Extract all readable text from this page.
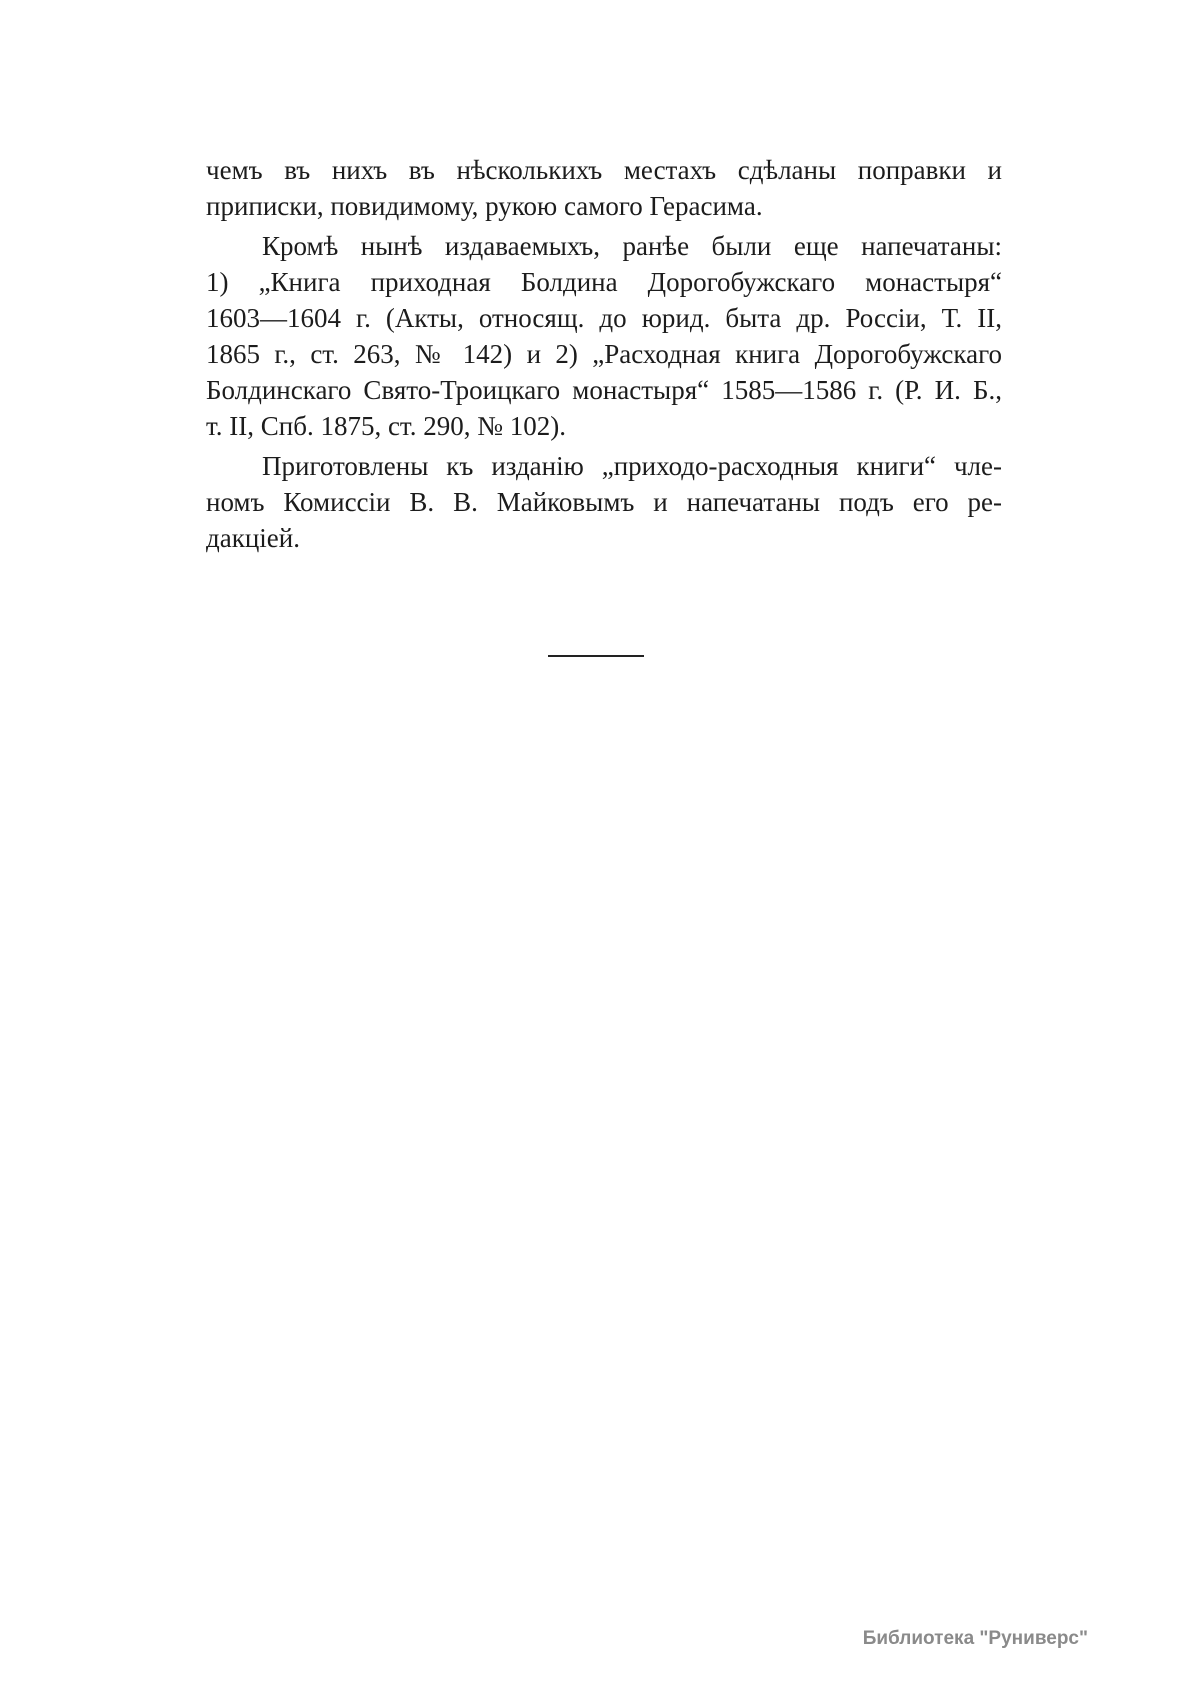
чемъ въ нихъ въ нѣсколькихъ местахъ сдѣланы поправки и
приписки, повидимому, рукою самого Герасима.
Кромѣ нынѣ издаваемыхъ, ранѣе были еще напечатаны:
1) „Книга приходная Болдина Дорогобужскаго монастыря“
1603—1604 г. (Акты, относящ. до юрид. быта др. Россіи, Т. II,
1865 г., ст. 263, № 142) и 2) „Расходная книга Дорогобужскаго
Болдинскаго Свято-Троицкаго монастыря“ 1585—1586 г. (Р. И. Б.,
т. II, Спб. 1875, ст. 290, № 102).
Приготовлены къ изданію „приходо-расходныя книги“ чле-
номъ Комиссіи В. В. Майковымъ и напечатаны подъ его ре-
дакціей.
Библиотека "Руниверс"
